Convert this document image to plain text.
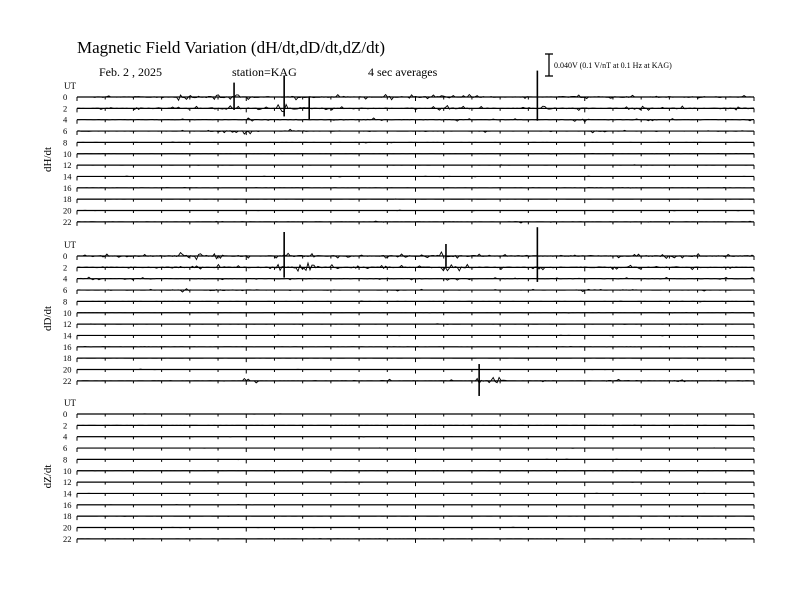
Magnetic Field Variation (dH/dt,dD/dt,dZ/dt)
Feb. 2 , 2025	station=KAG	4 sec averages	0.040V (0.1 V/nT at 0.1 Hz at KAG)
UT
dH/dt
0
2
4
6
8
10
12
14
16
18
20
22
UT
dD/dt
0
2
4
6
8
10
12
14
16
18
20
22
UT
dZ/dt
0
2
4
6
8
10
12
14
16
18
20
22
